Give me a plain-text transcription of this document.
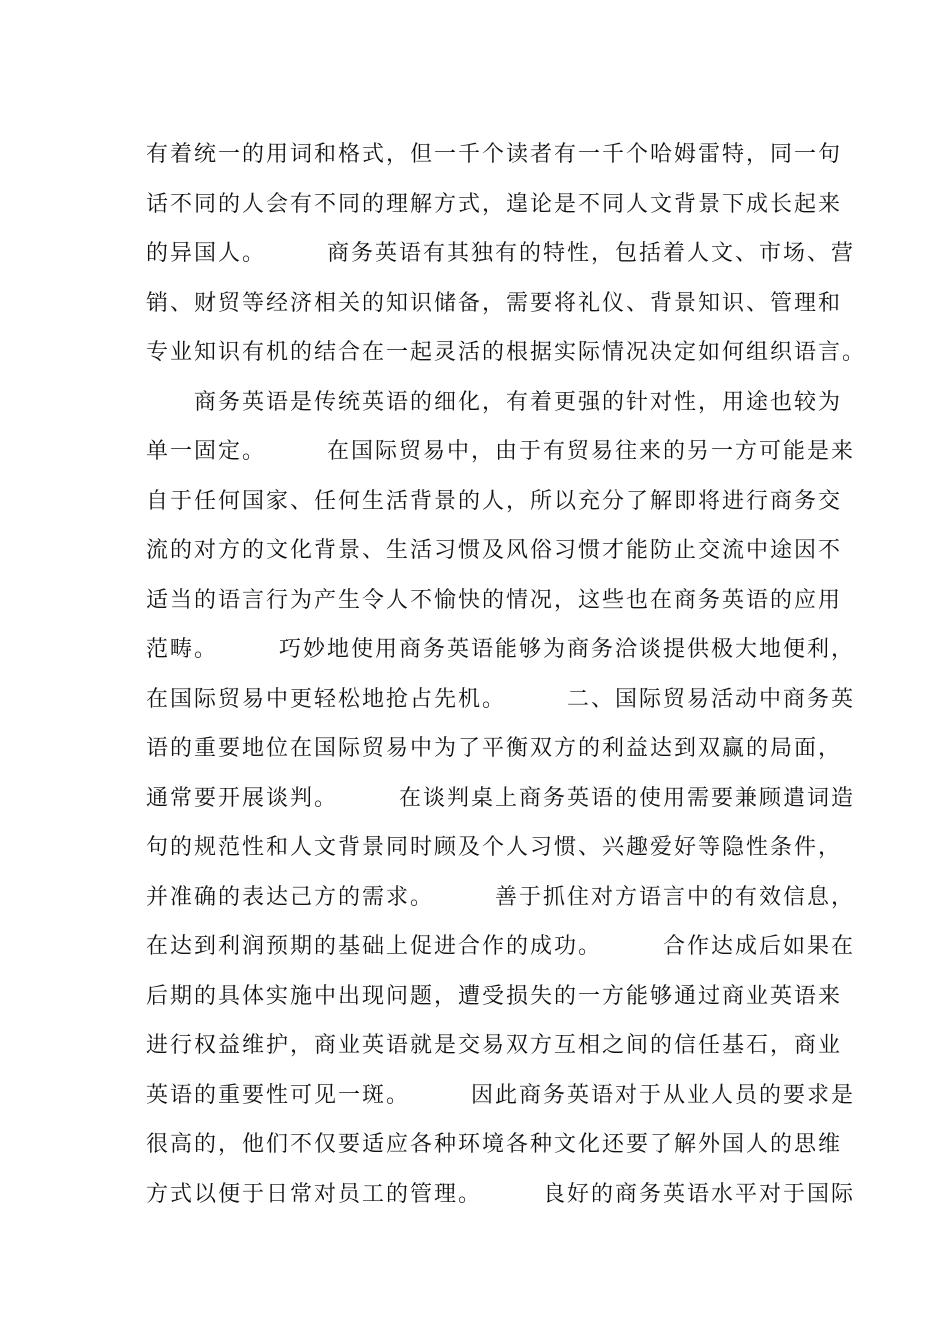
有着统一的用词和格式，但一千个读者有一千个哈姆雷特，同一句
话不同的人会有不同的理解方式，遑论是不同人文背景下成长起来
的异国人。　　　商务英语有其独有的特性，包括着人文、市场、营
销、财贸等经济相关的知识储备，需要将礼仪、背景知识、管理和
专业知识有机的结合在一起灵活的根据实际情况决定如何组织语言。
　　商务英语是传统英语的细化，有着更强的针对性，用途也较为
单一固定。　　　在国际贸易中，由于有贸易往来的另一方可能是来
自于任何国家、任何生活背景的人，所以充分了解即将进行商务交
流的对方的文化背景、生活习惯及风俗习惯才能防止交流中途因不
适当的语言行为产生令人不愉快的情况，这些也在商务英语的应用
范畴。　　　巧妙地使用商务英语能够为商务洽谈提供极大地便利，
在国际贸易中更轻松地抢占先机。　　　二、国际贸易活动中商务英
语的重要地位在国际贸易中为了平衡双方的利益达到双赢的局面，
通常要开展谈判。　　　在谈判桌上商务英语的使用需要兼顾遣词造
句的规范性和人文背景同时顾及个人习惯、兴趣爱好等隐性条件，
并准确的表达己方的需求。　　　善于抓住对方语言中的有效信息，
在达到利润预期的基础上促进合作的成功。　　　合作达成后如果在
后期的具体实施中出现问题，遭受损失的一方能够通过商业英语来
进行权益维护，商业英语就是交易双方互相之间的信任基石，商业
英语的重要性可见一斑。　　　因此商务英语对于从业人员的要求是
很高的，他们不仅要适应各种环境各种文化还要了解外国人的思维
方式以便于日常对员工的管理。　　　良好的商务英语水平对于国际
